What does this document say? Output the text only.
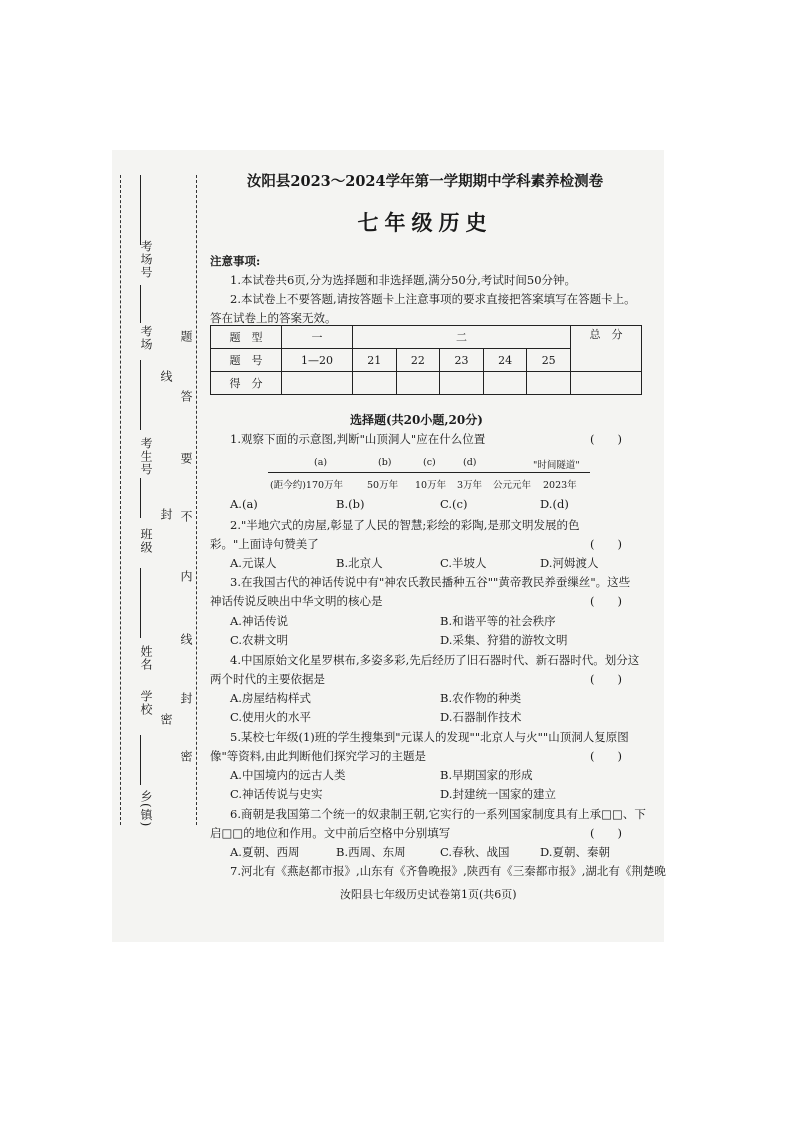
考场号
考场
考生号
班级
姓名
学校
乡(镇)
题
答
要
不
内
线
封
密
线
封
密
汝阳县2023～2024学年第一学期期中学科素养检测卷
七年级历史
注意事项:
1.本试卷共6页,分为选择题和非选择题,满分50分,考试时间50分钟。
2.本试卷上不要答题,请按答题卡上注意事项的要求直接把答案填写在答题卡上。
答在试卷上的答案无效。
题　型	一	二					总　分
题　号	1—20	21	22	23	24	25	
得　分							
选择题(共20小题,20分)
1.观察下面的示意图,判断"山顶洞人"应在什么位置	(　　)
(a)	(b)	(c)	(d)	"时间隧道"
(距今约)170万年	50万年 10万年 3万年 公元元年 2023年
A.(a)	B.(b)	C.(c)	D.(d)
2."半地穴式的房屋,彰显了人民的智慧;彩绘的彩陶,是那文明发展的色
彩。"上面诗句赞美了	(　　)
A.元谋人	B.北京人	C.半坡人	D.河姆渡人
3.在我国古代的神话传说中有"神农氏教民播种五谷""黄帝教民养蚕缫丝"。这些
神话传说反映出中华文明的核心是	(　　)
A.神话传说	B.和谐平等的社会秩序
C.农耕文明	D.采集、狩猎的游牧文明
4.中国原始文化星罗棋布,多姿多彩,先后经历了旧石器时代、新石器时代。划分这
两个时代的主要依据是	(　　)
A.房屋结构样式	B.农作物的种类
C.使用火的水平	D.石器制作技术
5.某校七年级(1)班的学生搜集到"元谋人的发现""北京人与火""山顶洞人复原图
像"等资料,由此判断他们探究学习的主题是	(　　)
A.中国境内的远古人类	B.早期国家的形成
C.神话传说与史实	D.封建统一国家的建立
6.商朝是我国第二个统一的奴隶制王朝,它实行的一系列国家制度具有上承□□、下
启□□的地位和作用。文中前后空格中分别填写	(　　)
A.夏朝、西周	B.西周、东周	C.春秋、战国	D.夏朝、秦朝
7.河北有《燕赵都市报》,山东有《齐鲁晚报》,陕西有《三秦都市报》,湖北有《荆楚晚
汝阳县七年级历史试卷第1页(共6页)
